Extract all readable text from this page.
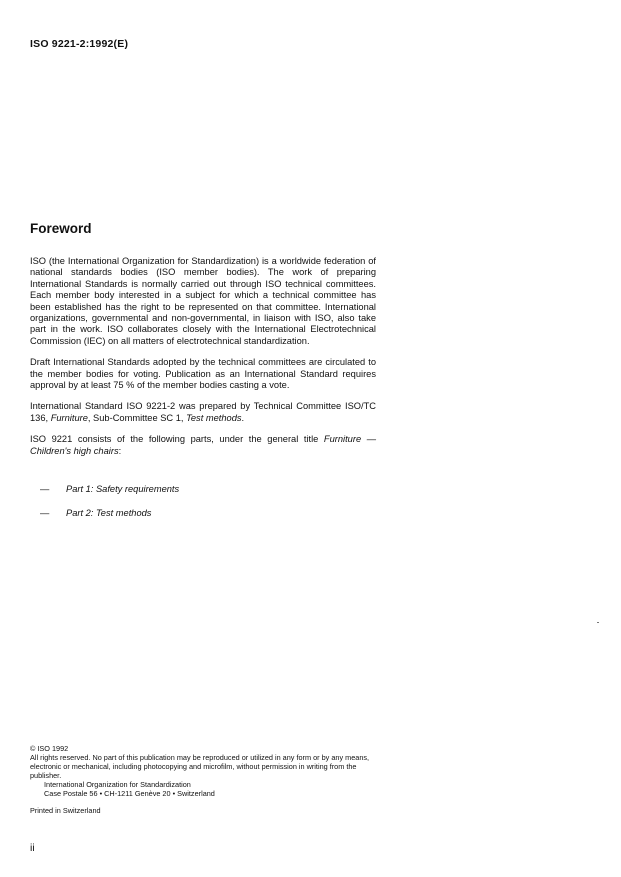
ISO 9221-2:1992(E)
Foreword

ISO (the International Organization for Standardization) is a worldwide federation of national standards bodies (ISO member bodies). The work of preparing International Standards is normally carried out through ISO technical committees. Each member body interested in a subject for which a technical committee has been established has the right to be represented on that committee. International organizations, governmental and non-governmental, in liaison with ISO, also take part in the work. ISO collaborates closely with the International Electrotechnical Commission (IEC) on all matters of electrotechnical standardization.

Draft International Standards adopted by the technical committees are circulated to the member bodies for voting. Publication as an International Standard requires approval by at least 75 % of the member bodies casting a vote.

International Standard ISO 9221-2 was prepared by Technical Committee ISO/TC 136, Furniture, Sub-Committee SC 1, Test methods.

ISO 9221 consists of the following parts, under the general title Furniture — Children's high chairs:

— Part 1: Safety requirements
— Part 2: Test methods

© ISO 1992

All rights reserved. No part of this publication may be reproduced or utilized in any form or by any means, electronic or mechanical, including photocopying and microfilm, without permission in writing from the publisher.

International Organization for Standardization

Case Postale 56 • CH-1211 Genève 20 • Switzerland

Printed in Switzerland

ii
